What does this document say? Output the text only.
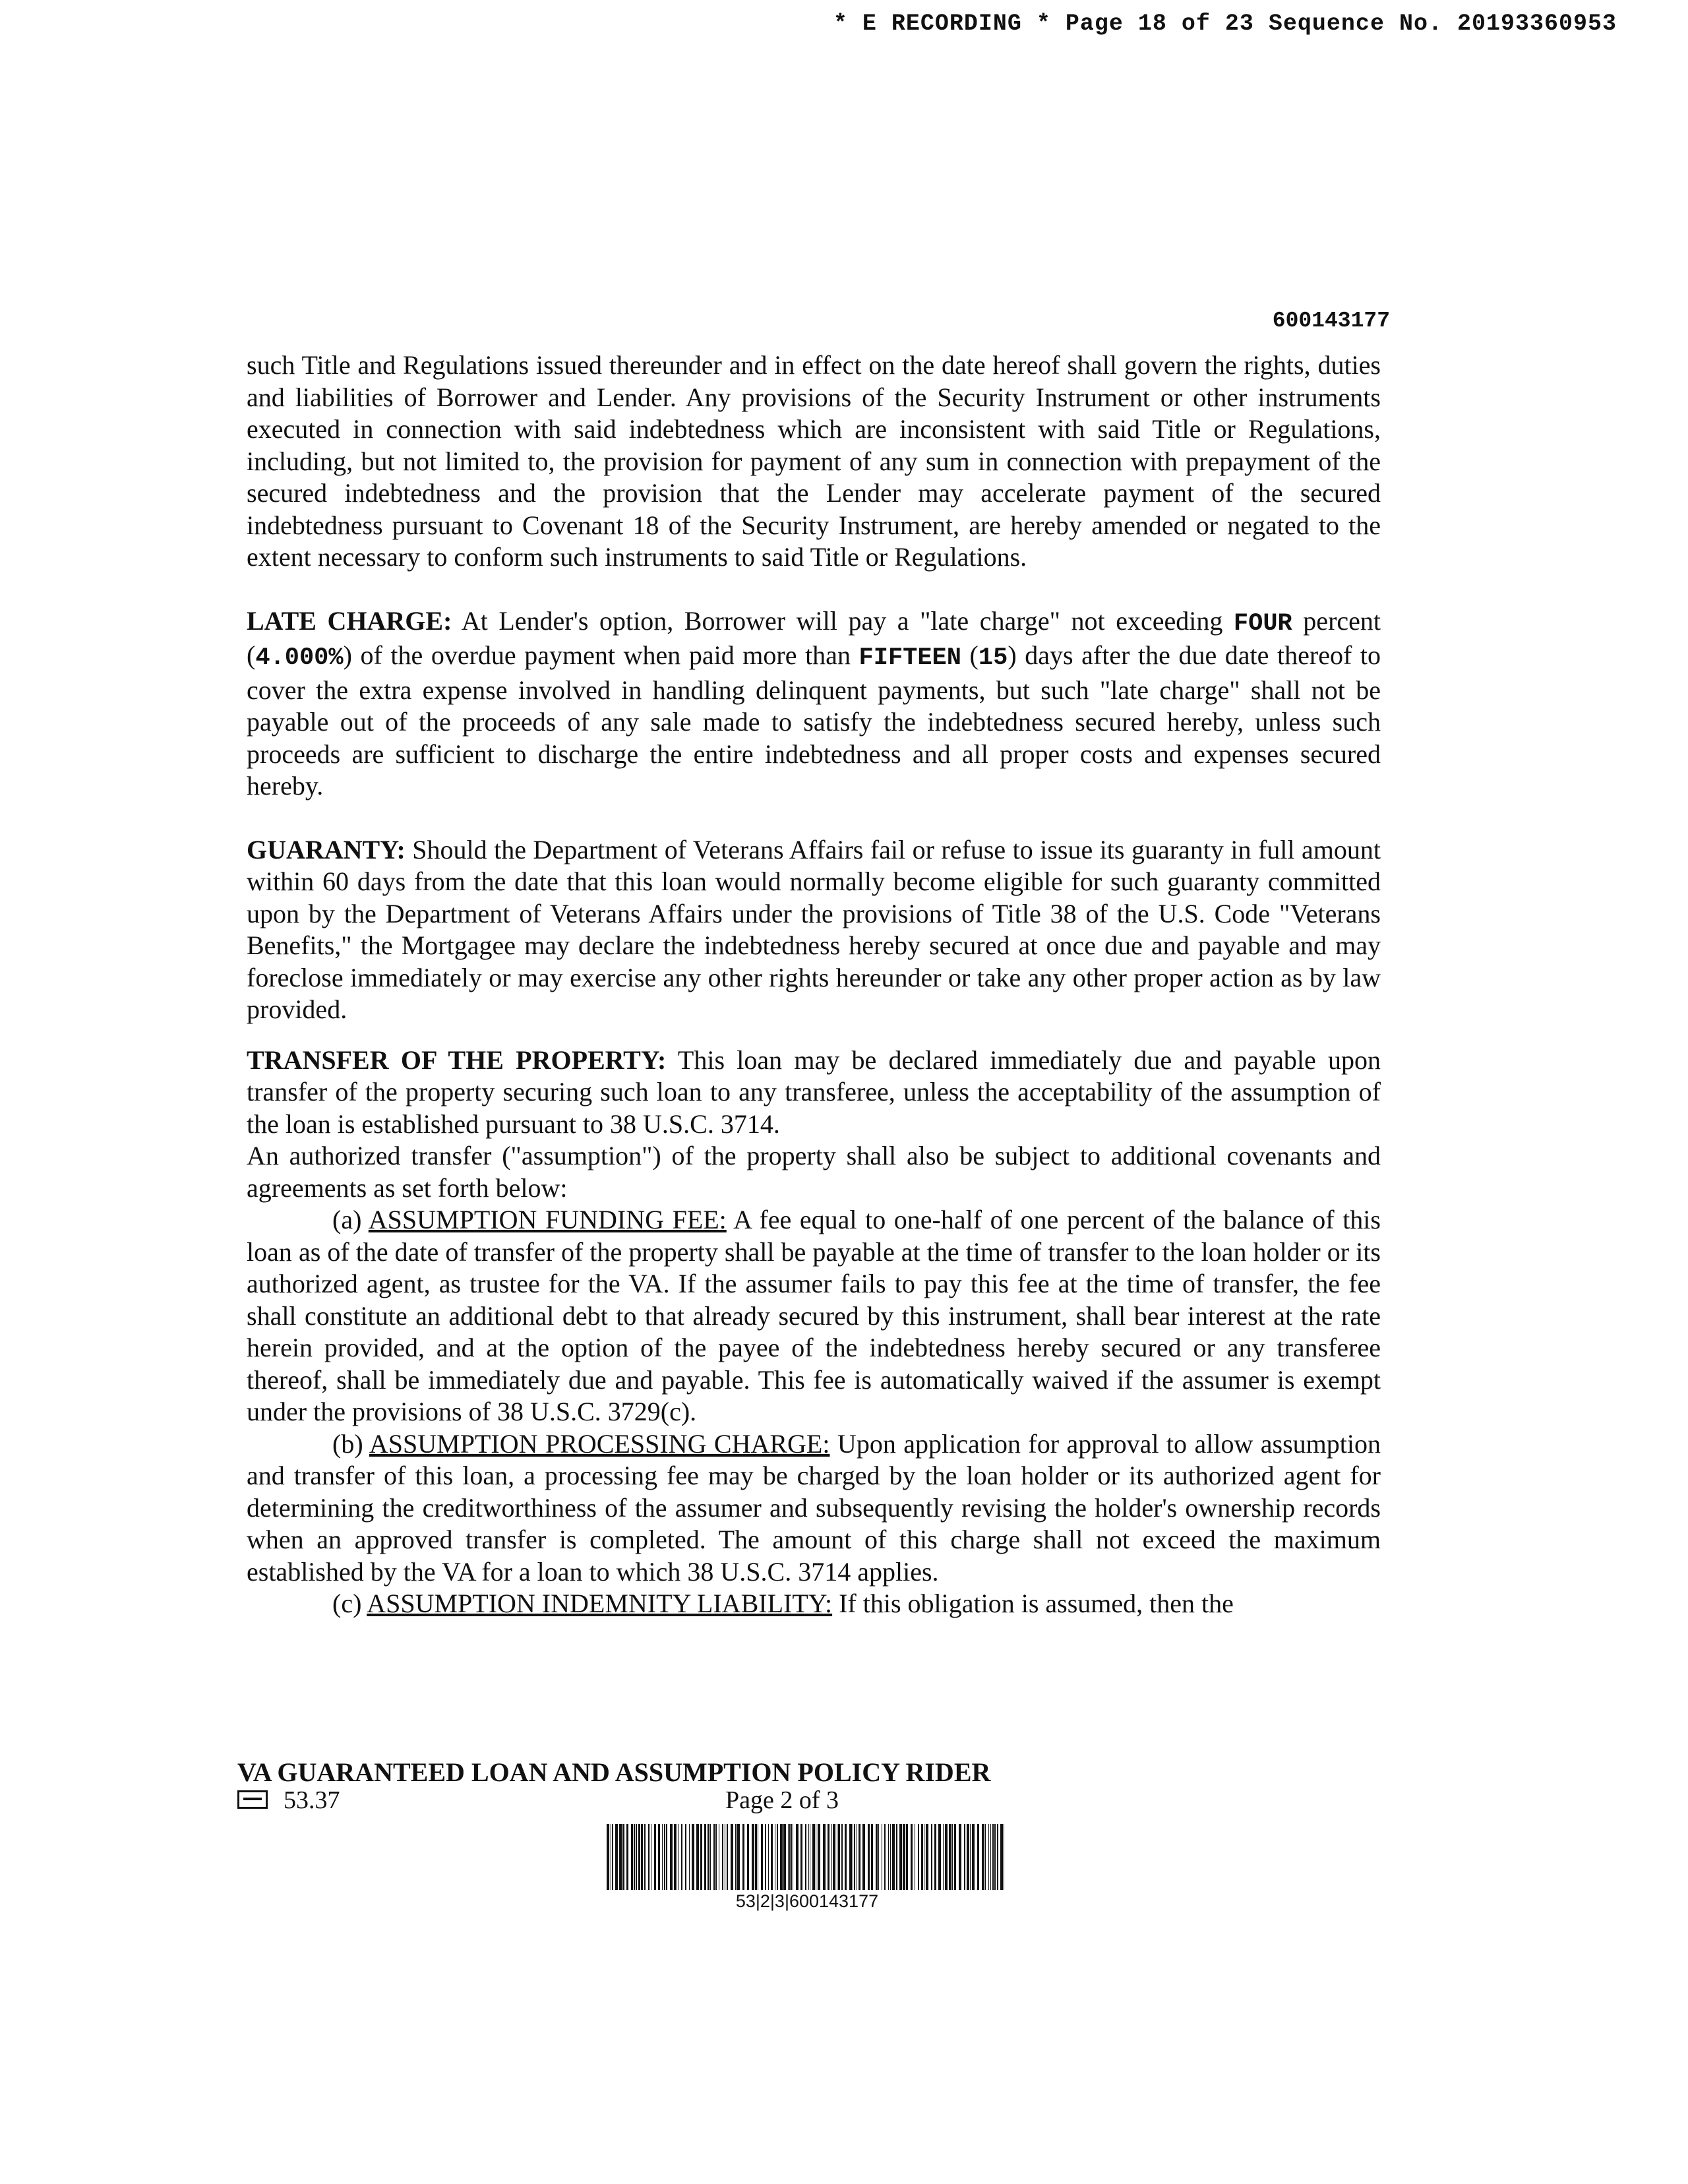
* E RECORDING * Page 18 of 23 Sequence No. 20193360953
600143177

such Title and Regulations issued thereunder and in effect on the date hereof shall govern the rights, duties and liabilities of Borrower and Lender. Any provisions of the Security Instrument or other instruments executed in connection with said indebtedness which are inconsistent with said Title or Regulations, including, but not limited to, the provision for payment of any sum in connection with prepayment of the secured indebtedness and the provision that the Lender may accelerate payment of the secured indebtedness pursuant to Covenant 18 of the Security Instrument, are hereby amended or negated to the extent necessary to conform such instruments to said Title or Regulations.

LATE CHARGE: At Lender's option, Borrower will pay a "late charge" not exceeding FOUR percent (4.000%) of the overdue payment when paid more than FIFTEEN (15) days after the due date thereof to cover the extra expense involved in handling delinquent payments, but such "late charge" shall not be payable out of the proceeds of any sale made to satisfy the indebtedness secured hereby, unless such proceeds are sufficient to discharge the entire indebtedness and all proper costs and expenses secured hereby.

GUARANTY: Should the Department of Veterans Affairs fail or refuse to issue its guaranty in full amount within 60 days from the date that this loan would normally become eligible for such guaranty committed upon by the Department of Veterans Affairs under the provisions of Title 38 of the U.S. Code "Veterans Benefits," the Mortgagee may declare the indebtedness hereby secured at once due and payable and may foreclose immediately or may exercise any other rights hereunder or take any other proper action as by law provided.

TRANSFER OF THE PROPERTY: This loan may be declared immediately due and payable upon transfer of the property securing such loan to any transferee, unless the acceptability of the assumption of the loan is established pursuant to 38 U.S.C. 3714.

An authorized transfer ("assumption") of the property shall also be subject to additional covenants and agreements as set forth below:

(a) ASSUMPTION FUNDING FEE: A fee equal to one-half of one percent of the balance of this loan as of the date of transfer of the property shall be payable at the time of transfer to the loan holder or its authorized agent, as trustee for the VA. If the assumer fails to pay this fee at the time of transfer, the fee shall constitute an additional debt to that already secured by this instrument, shall bear interest at the rate herein provided, and at the option of the payee of the indebtedness hereby secured or any transferee thereof, shall be immediately due and payable. This fee is automatically waived if the assumer is exempt under the provisions of 38 U.S.C. 3729(c).

(b) ASSUMPTION PROCESSING CHARGE: Upon application for approval to allow assumption and transfer of this loan, a processing fee may be charged by the loan holder or its authorized agent for determining the creditworthiness of the assumer and subsequently revising the holder's ownership records when an approved transfer is completed. The amount of this charge shall not exceed the maximum established by the VA for a loan to which 38 U.S.C. 3714 applies.

(c) ASSUMPTION INDEMNITY LIABILITY: If this obligation is assumed, then the

VA GUARANTEED LOAN AND ASSUMPTION POLICY RIDER
53.37	Page 2 of 3
53|2|3|600143177
